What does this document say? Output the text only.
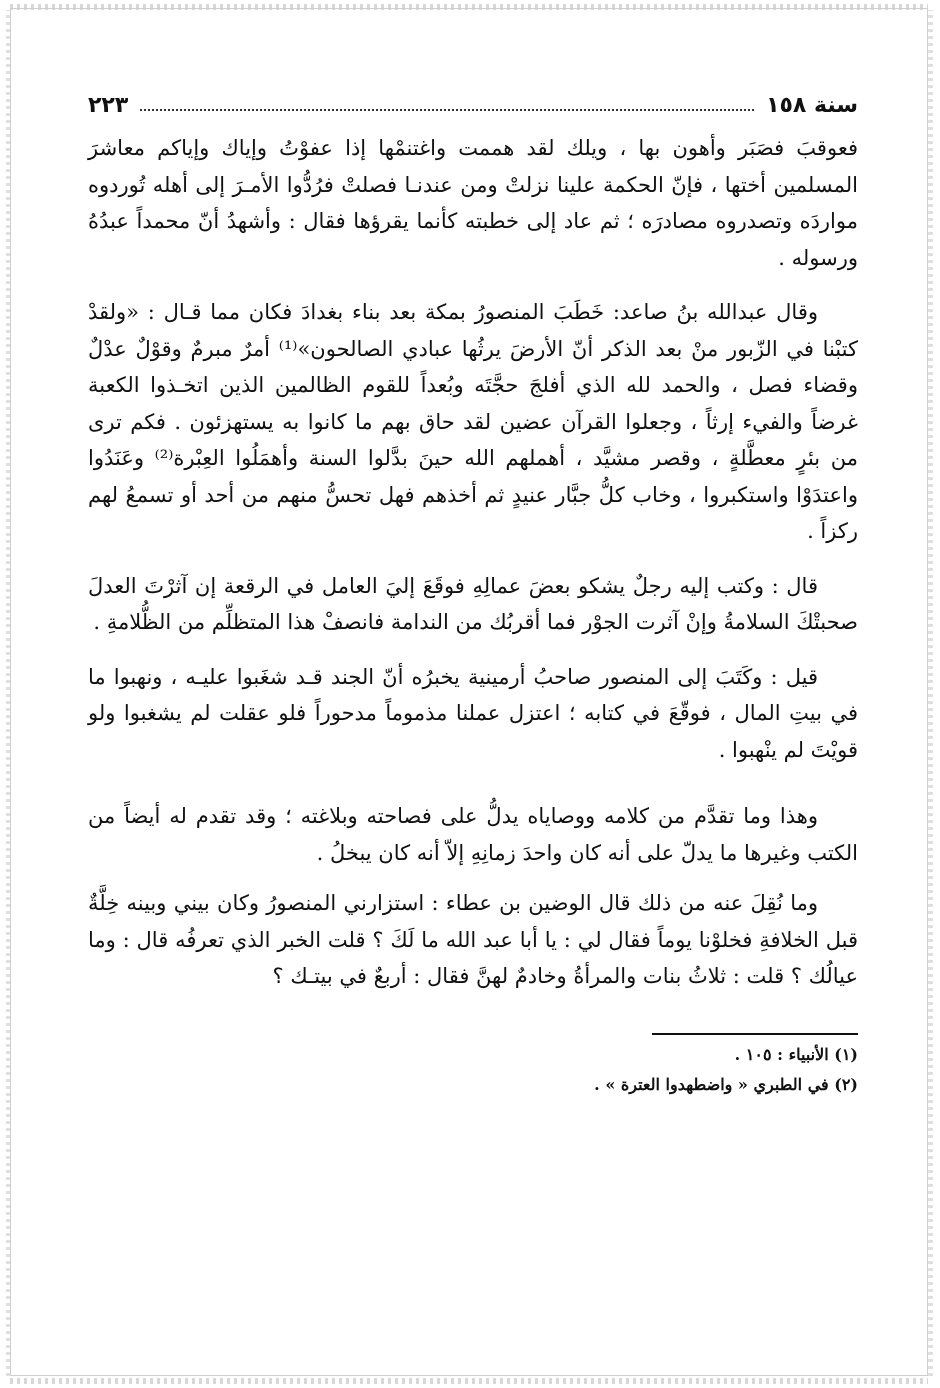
سنة ١٥٨
٢٢٣

فعوقبَ فصَبَر وأهون بها ، ويلك لقد هممت واغتنمْها إذا عفوْتُ وإياك وإياكم معاشرَ المسلمين أختها ، فإنّ الحكمة علينا نزلتْ ومن عندنـا فصلتْ فرُدُّوا الأمـرَ إلى أهله تُوردوه مواردَه وتصدروه مصادرَه ؛ ثم عاد إلى خطبته كأنما يقرؤها فقال : وأشهدُ أنّ محمداً عبدُهُ ورسوله .

وقال عبدالله بنُ صاعد: خَطَبَ المنصورُ بمكة بعد بناء بغدادَ فكان مما قـال : «ولقدْ كتبْنا في الزّبور منْ بعد الذكر أنّ الأرضَ يرثُها عبادي الصالحون»⁽¹⁾ أمرٌ مبرمٌ وقوْلٌ عدْلٌ وقضاء فصل ، والحمد لله الذي أفلجَ حجَّتَه وبُعداً للقوم الظالمين الذين اتخـذوا الكعبة غرضاً والفيء إرثاً ، وجعلوا القرآن عضين لقد حاق بهم ما كانوا به يستهزئون . فكم ترى من بئرٍ معطَّلةٍ ، وقصر مشيَّد ، أهملهم الله حينَ بدَّلوا السنة وأهمَلُوا العِبْرة⁽²⁾ وعَنَدُوا واعتدَوْا واستكبروا ، وخاب كلُّ جبَّار عنيدٍ ثم أخذهم فهل تحسُّ منهم من أحد أو تسمعُ لهم ركزاً .

قال : وكتب إليه رجلٌ يشكو بعضَ عمالِهِ فوقَعَ إليَ العامل في الرقعة إن آثرْتَ العدلَ صحبتْكَ السلامةُ وإنْ آثرت الجوْر فما أقربُك من الندامة فانصفْ هذا المتظلِّم من الظُّلامةِ .

قيل : وكَتَبَ إلى المنصور صاحبُ أرمينية يخبرُه أنّ الجند قـد شغَبوا عليـه ، ونهبوا ما في بيتِ المال ، فوقّعَ في كتابه ؛ اعتزل عملنا مذموماً مدحوراً فلو عقلت لم يشغبوا ولو قويْتَ لم ينْهبوا .

وهذا وما تقدَّم من كلامه ووصاياه يدلُّ على فصاحته وبلاغته ؛ وقد تقدم له أيضاً من الكتب وغيرها ما يدلّ على أنه كان واحدَ زمانِهِ إلاّ أنه كان يبخلُ .

وما نُقِلَ عنه من ذلك قال الوضين بن عطاء : استزارني المنصورُ وكان بيني وبينه خِلَّةٌ قبل الخلافةِ فخلوْنا يوماً فقال لي : يا أبا عبد الله ما لَكَ ؟ قلت الخبر الذي تعرفُه قال : وما عيالُك ؟ قلت : ثلاثُ بنات والمرأةُ وخادمٌ لهنَّ فقال : أربعٌ في بيتـك ؟

(١) الأنبياء : ١٠٥ .
(٢) في الطبري « واضطهدوا العترة » .
